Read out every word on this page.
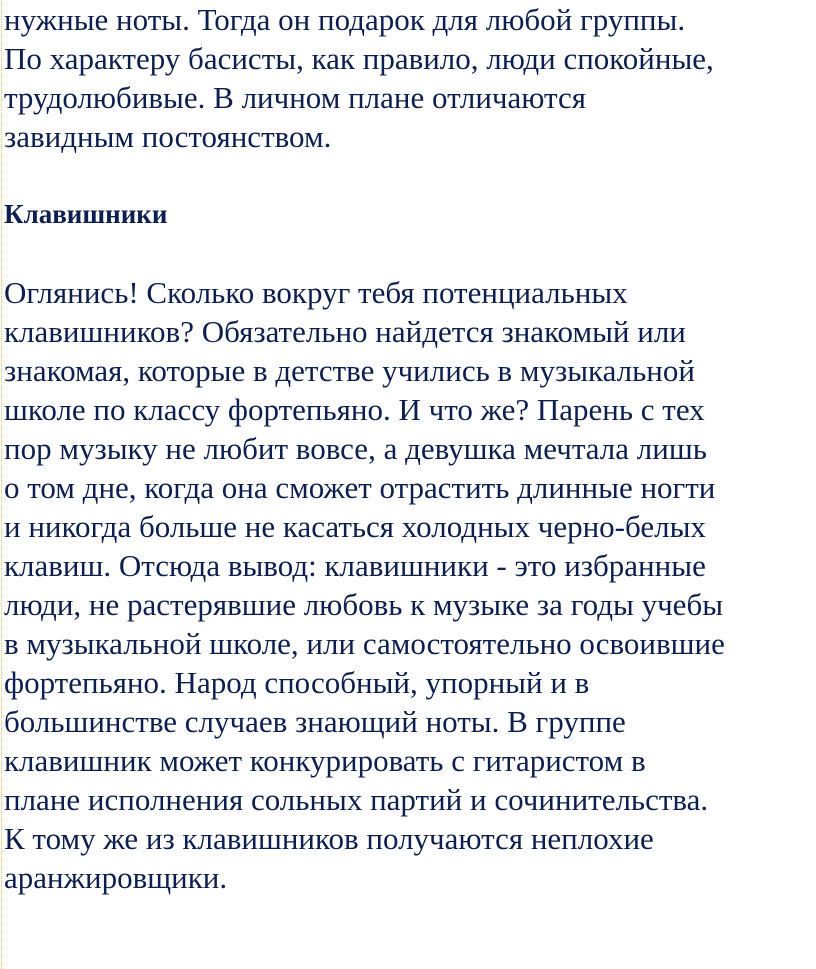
нужные ноты. Тогда он подарок для любой группы.
По характеру басисты, как правило, люди спокойные,
трудолюбивые. В личном плане отличаются
завидным постоянством.
Клавишники
Оглянись! Сколько вокруг тебя потенциальных
клавишников? Обязательно найдется знакомый или
знакомая, которые в детстве учились в музыкальной
школе по классу фортепьяно. И что же? Парень с тех
пор музыку не любит вовсе, а девушка мечтала лишь
о том дне, когда она сможет отрастить длинные ногти
и никогда больше не касаться холодных черно-белых
клавиш. Отсюда вывод: клавишники - это избранные
люди, не растерявшие любовь к музыке за годы учебы
в музыкальной школе, или самостоятельно освоившие
фортепьяно. Народ способный, упорный и в
большинстве случаев знающий ноты. В группе
клавишник может конкурировать с гитаристом в
плане исполнения сольных партий и сочинительства.
К тому же из клавишников получаются неплохие
аранжировщики.
